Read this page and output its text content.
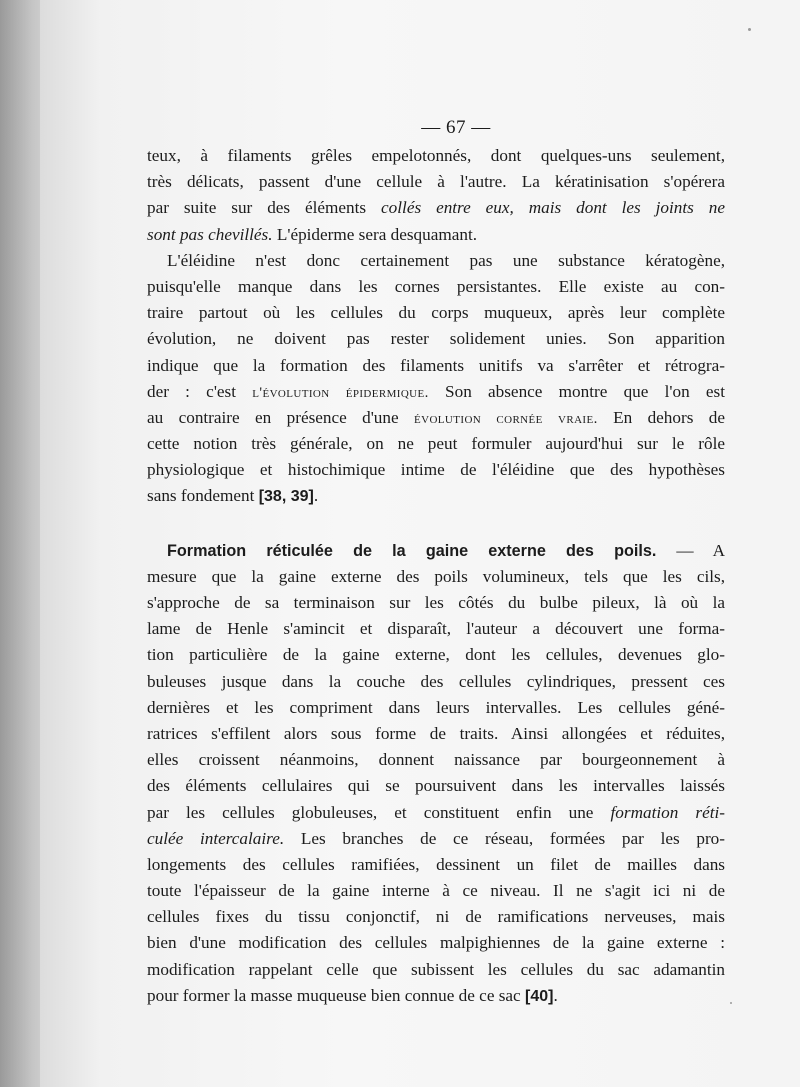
— 67 —
teux, à filaments grêles empelotonnés, dont quelques-uns seulement,
très délicats, passent d'une cellule à l'autre. La kératinisation s'opérera
par suite sur des éléments collés entre eux, mais dont les joints ne
sont pas chevillés. L'épiderme sera desquamant.
L'éléidine n'est donc certainement pas une substance kératogène,
puisqu'elle manque dans les cornes persistantes. Elle existe au con-
traire partout où les cellules du corps muqueux, après leur complète
évolution, ne doivent pas rester solidement unies. Son apparition
indique que la formation des filaments unitifs va s'arrêter et rétrogra-
der : c'est l'évolution épidermique. Son absence montre que l'on est
au contraire en présence d'une évolution cornée vraie. En dehors de
cette notion très générale, on ne peut formuler aujourd'hui sur le rôle
physiologique et histochimique intime de l'éléidine que des hypothèses
sans fondement [38, 39].
Formation réticulée de la gaine externe des poils. — A
mesure que la gaine externe des poils volumineux, tels que les cils,
s'approche de sa terminaison sur les côtés du bulbe pileux, là où la
lame de Henle s'amincit et disparaît, l'auteur a découvert une forma-
tion particulière de la gaine externe, dont les cellules, devenues glo-
buleuses jusque dans la couche des cellules cylindriques, pressent ces
dernières et les compriment dans leurs intervalles. Les cellules géné-
ratrices s'effilent alors sous forme de traits. Ainsi allongées et réduites,
elles croissent néanmoins, donnent naissance par bourgeonnement à
des éléments cellulaires qui se poursuivent dans les intervalles laissés
par les cellules globuleuses, et constituent enfin une formation réti-
culée intercalaire. Les branches de ce réseau, formées par les pro-
longements des cellules ramifiées, dessinent un filet de mailles dans
toute l'épaisseur de la gaine interne à ce niveau. Il ne s'agit ici ni de
cellules fixes du tissu conjonctif, ni de ramifications nerveuses, mais
bien d'une modification des cellules malpighiennes de la gaine externe :
modification rappelant celle que subissent les cellules du sac adamantin
pour former la masse muqueuse bien connue de ce sac [40].
